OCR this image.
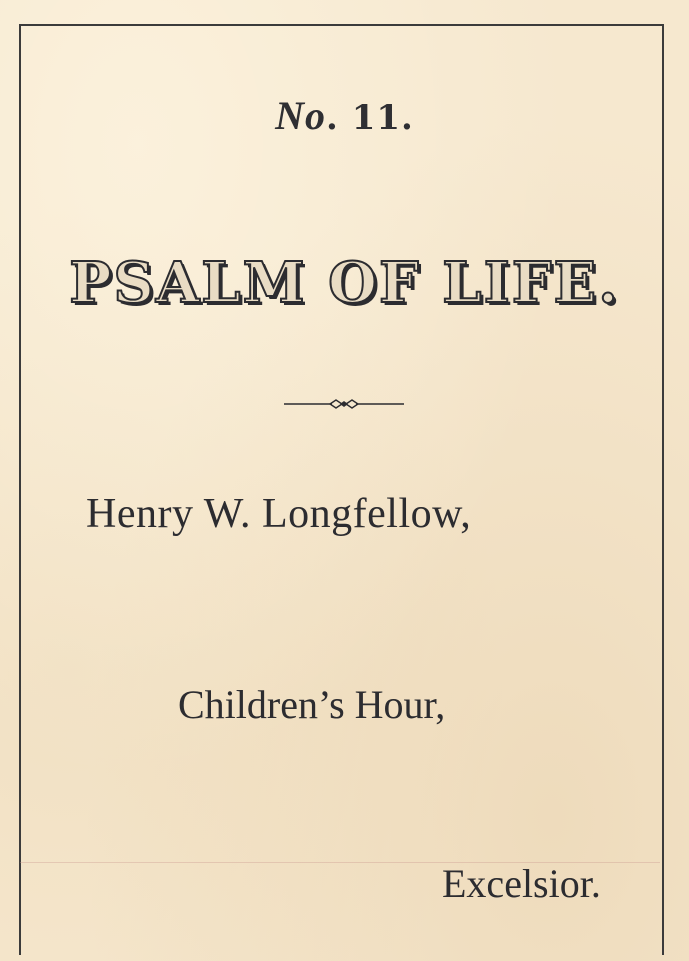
No. 11.
PSALM OF LIFE.
Henry W. Longfellow,
Children’s Hour,
Excelsior.
